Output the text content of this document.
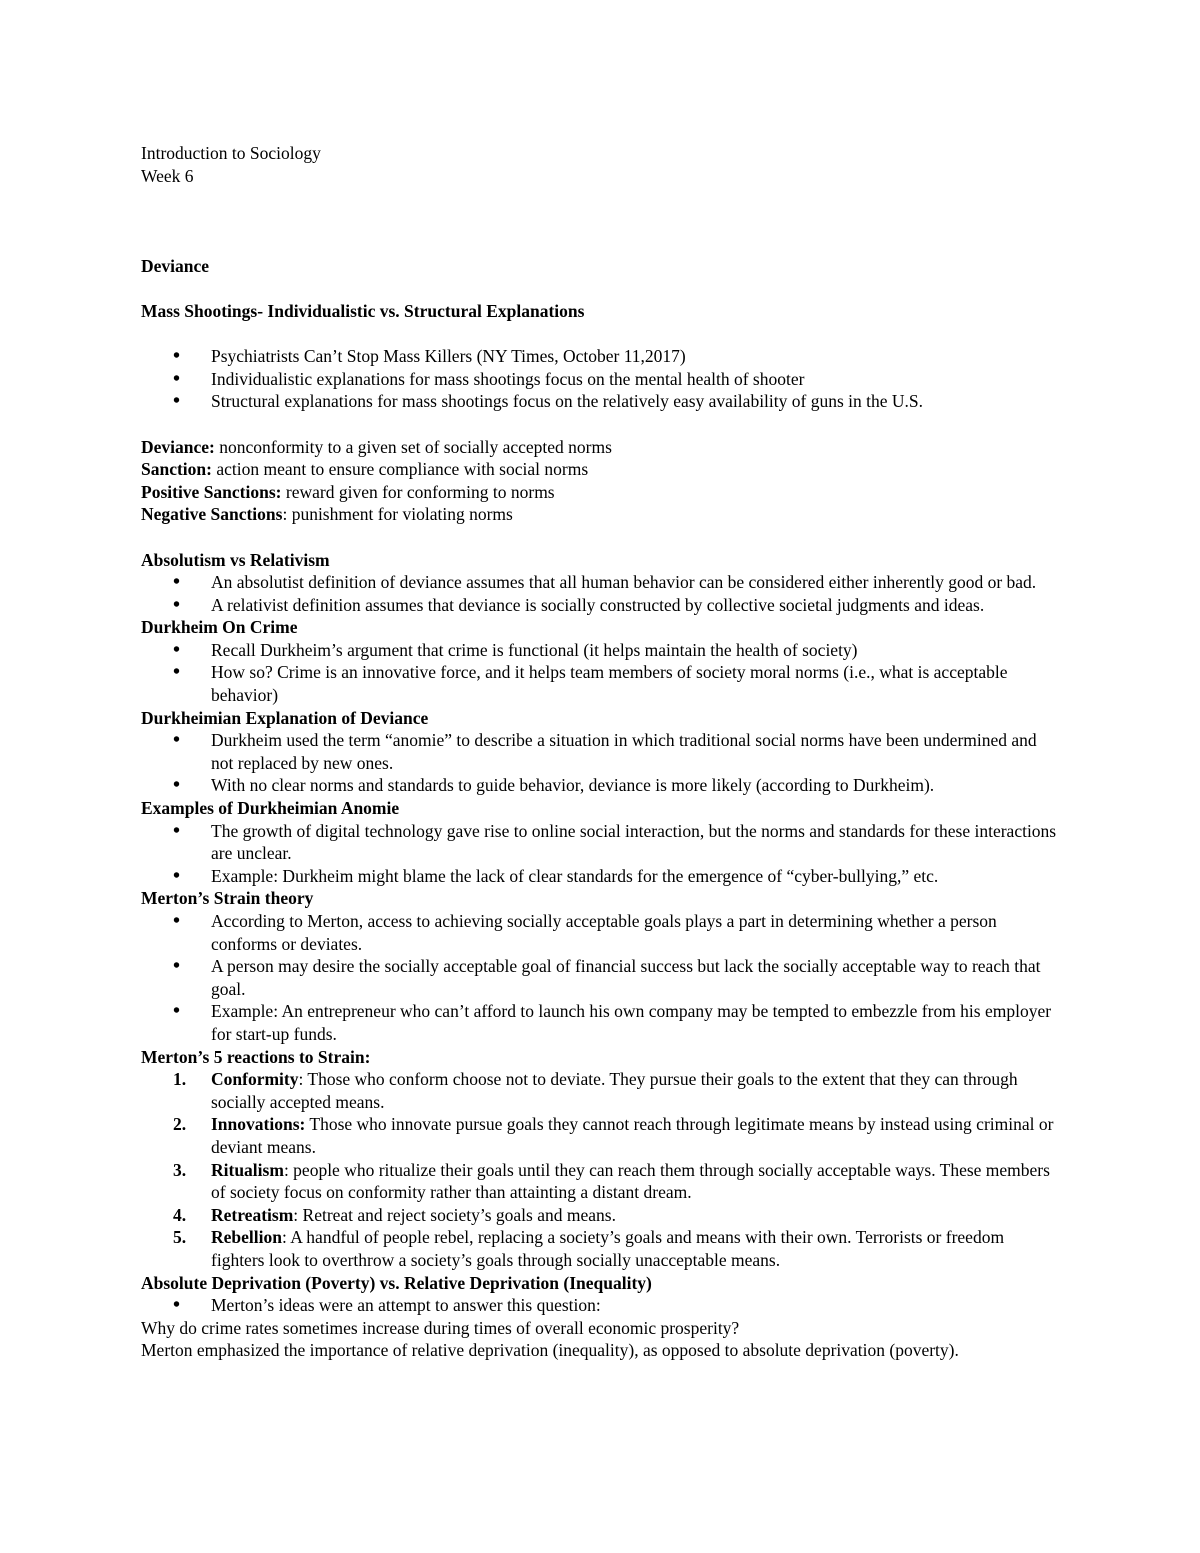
Introduction to Sociology

Week 6

Deviance

Mass Shootings- Individualistic vs. Structural Explanations

• Psychiatrists Can’t Stop Mass Killers (NY Times, October 11,2017)
• Individualistic explanations for mass shootings focus on the mental health of shooter
• Structural explanations for mass shootings focus on the relatively easy availability of guns in the U.S.

Deviance: nonconformity to a given set of socially accepted norms

Sanction: action meant to ensure compliance with social norms

Positive Sanctions: reward given for conforming to norms

Negative Sanctions: punishment for violating norms

Absolutism vs Relativism

• An absolutist definition of deviance assumes that all human behavior can be considered either inherently good or bad.
• A relativist definition assumes that deviance is socially constructed by collective societal judgments and ideas.

Durkheim On Crime

• Recall Durkheim’s argument that crime is functional (it helps maintain the health of society)
• How so? Crime is an innovative force, and it helps team members of society moral norms (i.e., what is acceptable behavior)

Durkheimian Explanation of Deviance

• Durkheim used the term “anomie” to describe a situation in which traditional social norms have been undermined and not replaced by new ones.
• With no clear norms and standards to guide behavior, deviance is more likely (according to Durkheim).

Examples of Durkheimian Anomie

• The growth of digital technology gave rise to online social interaction, but the norms and standards for these interactions are unclear.
• Example: Durkheim might blame the lack of clear standards for the emergence of “cyber-bullying,” etc.

Merton’s Strain theory

• According to Merton, access to achieving socially acceptable goals plays a part in determining whether a person conforms or deviates.
• A person may desire the socially acceptable goal of financial success but lack the socially acceptable way to reach that goal.
• Example: An entrepreneur who can’t afford to launch his own company may be tempted to embezzle from his employer for start-up funds.

Merton’s 5 reactions to Strain:

1. Conformity: Those who conform choose not to deviate. They pursue their goals to the extent that they can through socially accepted means.
2. Innovations: Those who innovate pursue goals they cannot reach through legitimate means by instead using criminal or deviant means.
3. Ritualism: people who ritualize their goals until they can reach them through socially acceptable ways. These members of society focus on conformity rather than attainting a distant dream.
4. Retreatism: Retreat and reject society’s goals and means.
5. Rebellion: A handful of people rebel, replacing a society’s goals and means with their own. Terrorists or freedom fighters look to overthrow a society’s goals through socially unacceptable means.

Absolute Deprivation (Poverty) vs. Relative Deprivation (Inequality)

• Merton’s ideas were an attempt to answer this question:

Why do crime rates sometimes increase during times of overall economic prosperity?

Merton emphasized the importance of relative deprivation (inequality), as opposed to absolute deprivation (poverty).
